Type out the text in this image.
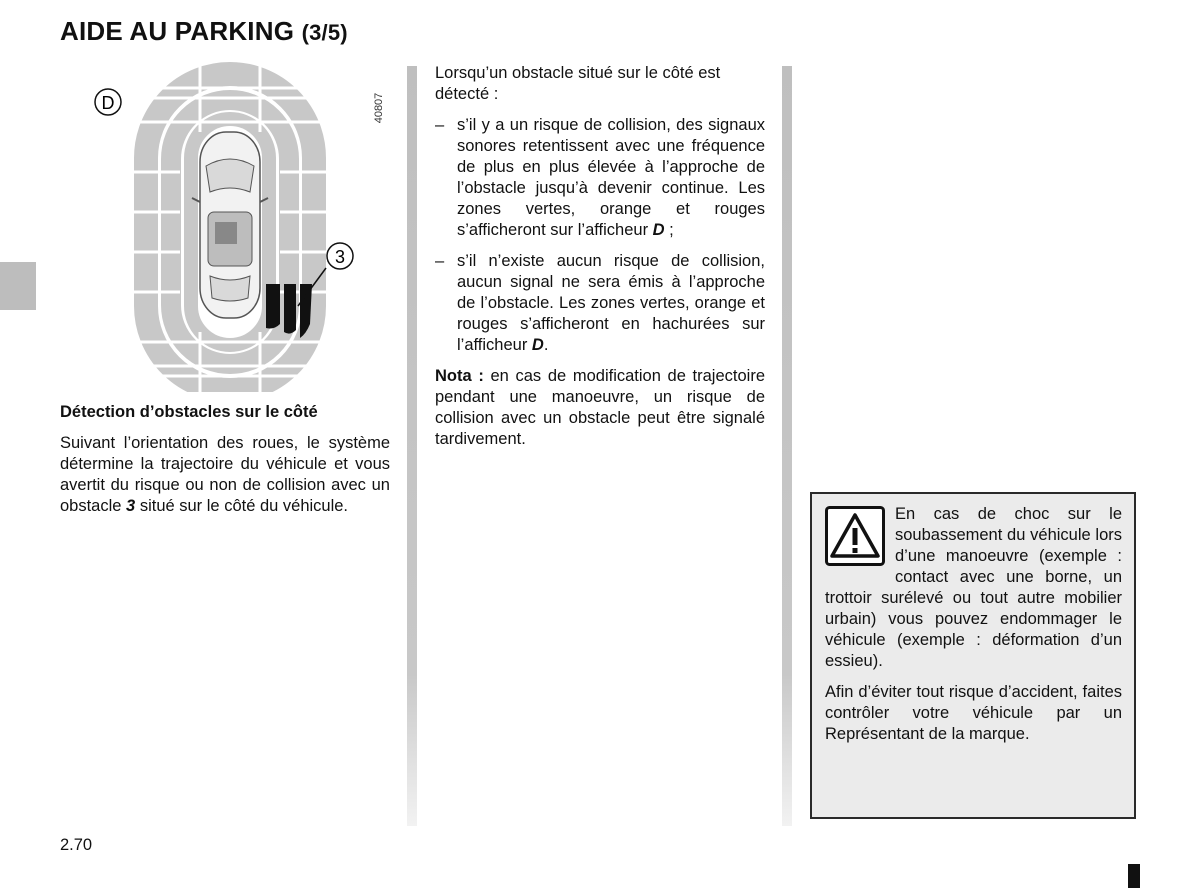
AIDE AU PARKING (3/5)
D
3
40807

Détection d’obstacles sur le côté

Suivant l’orientation des roues, le système détermine la trajectoire du véhicule et vous avertit du risque ou non de collision avec un obstacle 3 situé sur le côté du véhicule.

Lorsqu’un obstacle situé sur le côté est détecté :

– s’il y a un risque de collision, des signaux sonores retentissent avec une fréquence de plus en plus élevée à l’approche de l’obstacle jusqu’à devenir continue. Les zones vertes, orange et rouges s’afficheront sur l’afficheur D ;
– s’il n’existe aucun risque de collision, aucun signal ne sera émis à l’approche de l’obstacle. Les zones vertes, orange et rouges s’afficheront en hachurées sur l’afficheur D.

Nota : en cas de modification de trajectoire pendant une manoeuvre, un risque de collision avec un obstacle peut être signalé tardivement.

En cas de choc sur le soubassement du véhicule lors d’une manoeuvre (exemple : contact avec une borne, un trottoir surélevé ou tout autre mobilier urbain) vous pouvez endommager le véhicule (exemple : déformation d’un essieu).

Afin d’éviter tout risque d’accident, faites contrôler votre véhicule par un Représentant de la marque.

2.70
